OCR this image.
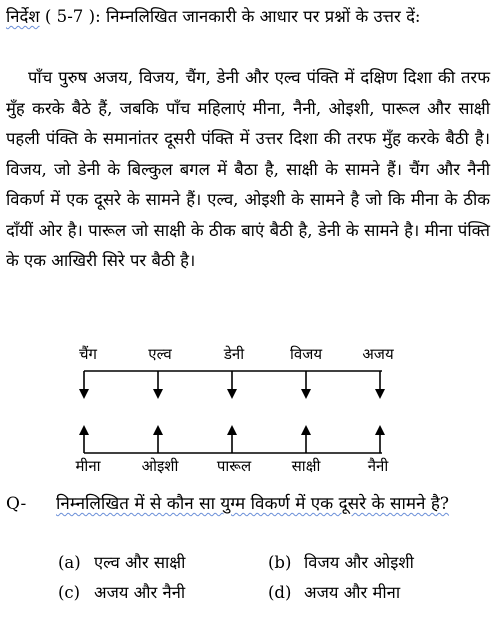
निर्देश ( 5-7 ): निम्नलिखित जानकारी के आधार पर प्रश्नों के उत्तर दें:
पाँच पुरुष अजय, विजय, चैंग, डेनी और एल्व पंक्ति में दक्षिण दिशा की तरफ मुँह करके बैठे हैं, जबकि पाँच महिलाएं मीना, नैनी, ओइशी, पारूल और साक्षी पहली पंक्ति के समानांतर दूसरी पंक्ति में उत्तर दिशा की तरफ मुँह करके बैठी है। विजय, जो डेनी के बिल्कुल बगल में बैठा है, साक्षी के सामने हैं। चैंग और नैनी विकर्ण में एक दूसरे के सामने हैं। एल्व, ओइशी के सामने है जो कि मीना के ठीक दाँयीं ओर है। पारूल जो साक्षी के ठीक बाएं बैठी है, डेनी के सामने है। मीना पंक्ति के एक आखिरी सिरे पर बैठी है।
चैंग	एल्व	डेनी	विजय	अजय
मीना	ओइशी	पारूल	साक्षी	नैनी
Q- निम्नलिखित में से कौन सा युग्म विकर्ण में एक दूसरे के सामने है?
(a) एल्व और साक्षी	(b) विजय और ओइशी
(c) अजय और नैनी	(d) अजय और मीना
